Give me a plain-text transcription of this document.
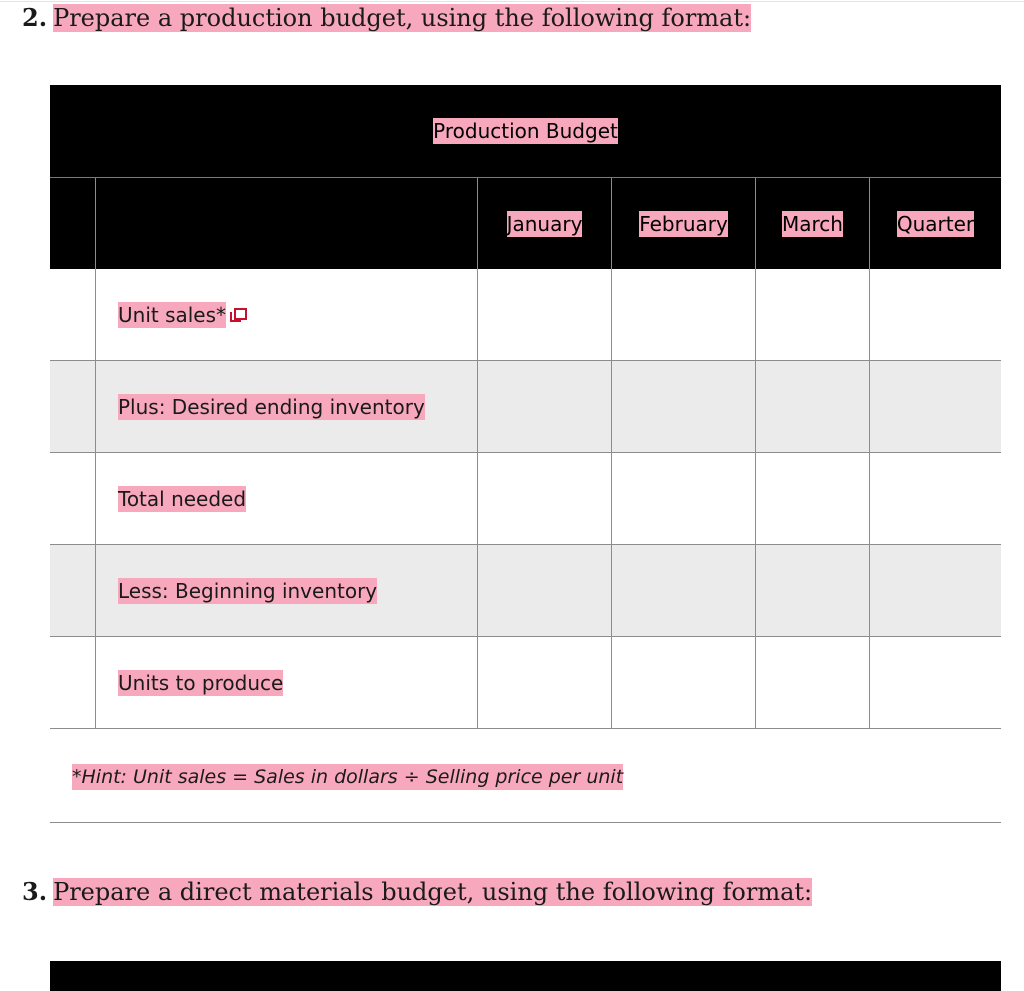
2. Prepare a production budget, using the following format:
Production Budget
January	February	March	Quarter
Unit sales*
Plus: Desired ending inventory
Total needed
Less: Beginning inventory
Units to produce
*Hint: Unit sales = Sales in dollars ÷ Selling price per unit
3. Prepare a direct materials budget, using the following format:
